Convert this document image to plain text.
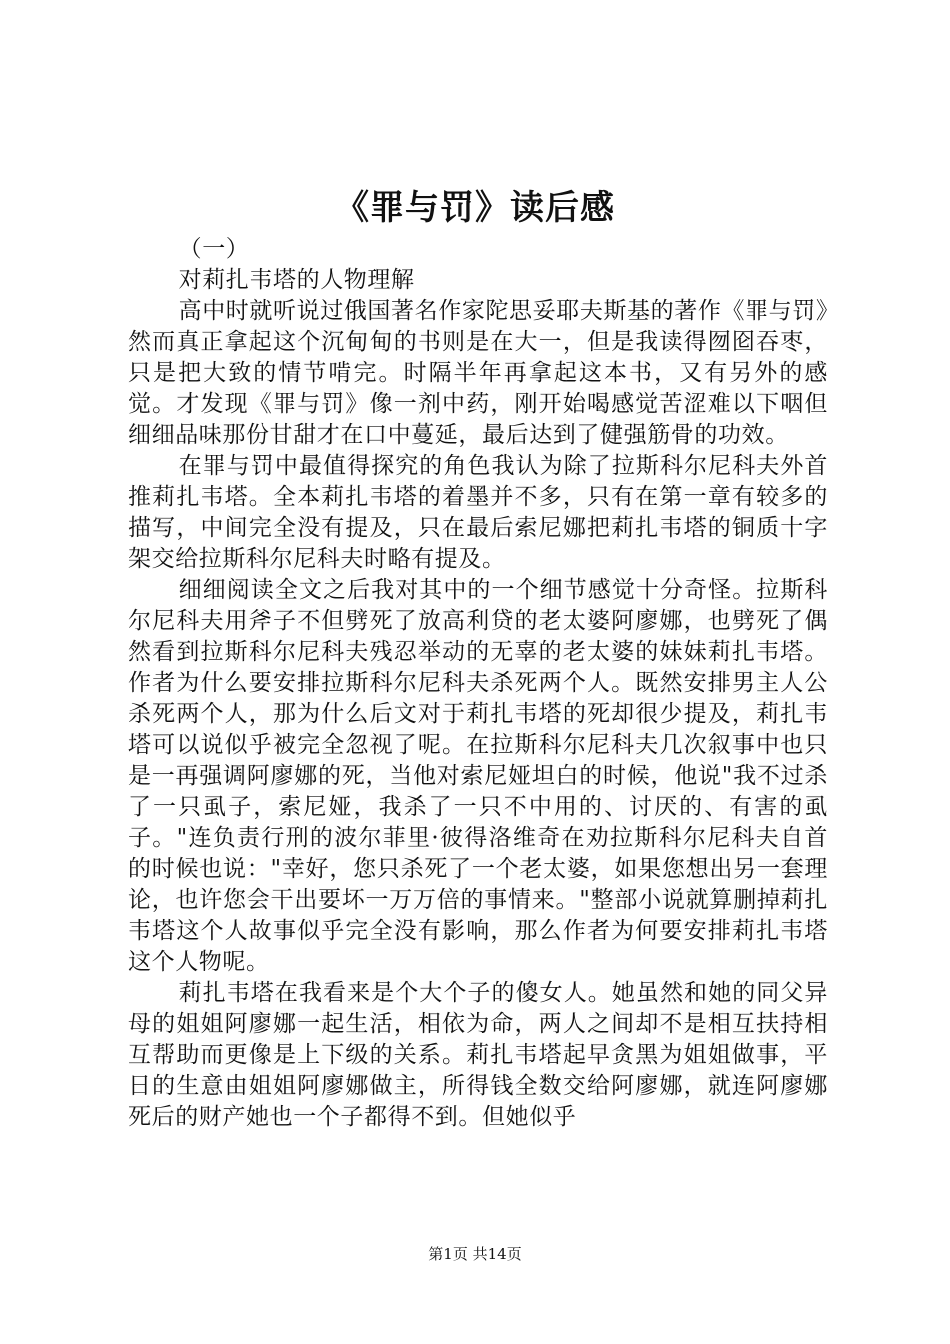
《罪与罚》读后感

（一）

对莉扎韦塔的人物理解

高中时就听说过俄国著名作家陀思妥耶夫斯基的著作《罪与罚》然而真正拿起这个沉甸甸的书则是在大一，但是我读得囫囵吞枣，只是把大致的情节啃完。时隔半年再拿起这本书，又有另外的感觉。才发现《罪与罚》像一剂中药，刚开始喝感觉苦涩难以下咽但细细品味那份甘甜才在口中蔓延，最后达到了健强筋骨的功效。

在罪与罚中最值得探究的角色我认为除了拉斯科尔尼科夫外首推莉扎韦塔。全本莉扎韦塔的着墨并不多，只有在第一章有较多的描写，中间完全没有提及，只在最后索尼娜把莉扎韦塔的铜质十字架交给拉斯科尔尼科夫时略有提及。

细细阅读全文之后我对其中的一个细节感觉十分奇怪。拉斯科尔尼科夫用斧子不但劈死了放高利贷的老太婆阿廖娜，也劈死了偶然看到拉斯科尔尼科夫残忍举动的无辜的老太婆的妹妹莉扎韦塔。作者为什么要安排拉斯科尔尼科夫杀死两个人。既然安排男主人公杀死两个人，那为什么后文对于莉扎韦塔的死却很少提及，莉扎韦塔可以说似乎被完全忽视了呢。在拉斯科尔尼科夫几次叙事中也只是一再强调阿廖娜的死，当他对索尼娅坦白的时候，他说"我不过杀了一只虱子，索尼娅，我杀了一只不中用的、讨厌的、有害的虱子。"连负责行刑的波尔菲里·彼得洛维奇在劝拉斯科尔尼科夫自首的时候也说："幸好，您只杀死了一个老太婆，如果您想出另一套理论，也许您会干出要坏一万万倍的事情来。"整部小说就算删掉莉扎韦塔这个人故事似乎完全没有影响，那么作者为何要安排莉扎韦塔这个人物呢。

莉扎韦塔在我看来是个大个子的傻女人。她虽然和她的同父异母的姐姐阿廖娜一起生活，相依为命，两人之间却不是相互扶持相互帮助而更像是上下级的关系。莉扎韦塔起早贪黑为姐姐做事，平日的生意由姐姐阿廖娜做主，所得钱全数交给阿廖娜，就连阿廖娜死后的财产她也一个子都得不到。但她似乎

第1页 共14页
